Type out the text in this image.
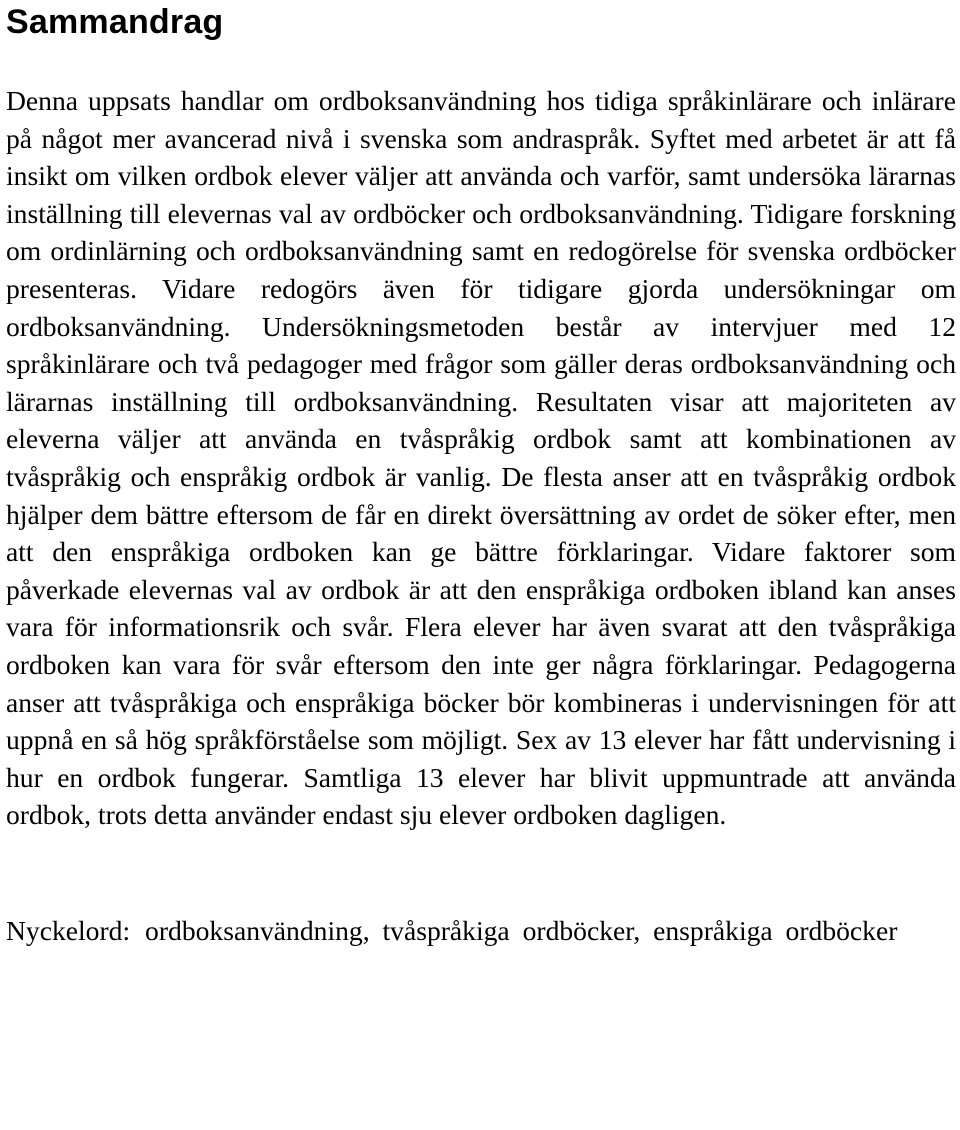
Sammandrag

Denna uppsats handlar om ordboksanvändning hos tidiga språkinlärare och inlärare på något mer avancerad nivå i svenska som andraspråk. Syftet med arbetet är att få insikt om vilken ordbok elever väljer att använda och varför, samt undersöka lärarnas inställning till elevernas val av ordböcker och ordboksanvändning. Tidigare forskning om ordinlärning och ordboksanvändning samt en redogörelse för svenska ordböcker presenteras. Vidare redogörs även för tidigare gjorda undersökningar om ordboksanvändning. Undersökningsmetoden består av intervjuer med 12 språkinlärare och två pedagoger med frågor som gäller deras ordboksanvändning och lärarnas inställning till ordboksanvändning. Resultaten visar att majoriteten av eleverna väljer att använda en tvåspråkig ordbok samt att kombinationen av tvåspråkig och enspråkig ordbok är vanlig. De flesta anser att en tvåspråkig ordbok hjälper dem bättre eftersom de får en direkt översättning av ordet de söker efter, men att den enspråkiga ordboken kan ge bättre förklaringar. Vidare faktorer som påverkade elevernas val av ordbok är att den enspråkiga ordboken ibland kan anses vara för informationsrik och svår. Flera elever har även svarat att den tvåspråkiga ordboken kan vara för svår eftersom den inte ger några förklaringar. Pedagogerna anser att tvåspråkiga och enspråkiga böcker bör kombineras i undervisningen för att uppnå en så hög språkförståelse som möjligt. Sex av 13 elever har fått undervisning i hur en ordbok fungerar. Samtliga 13 elever har blivit uppmuntrade att använda ordbok, trots detta använder endast sju elever ordboken dagligen.

Nyckelord: ordboksanvändning, tvåspråkiga ordböcker, enspråkiga ordböcker
